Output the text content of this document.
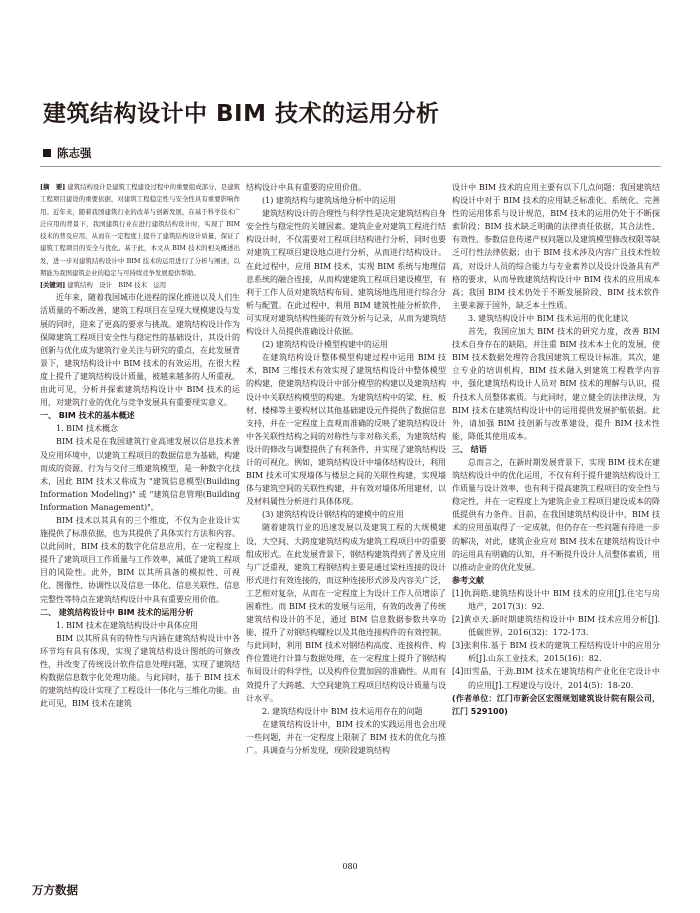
建筑结构设计中 BIM 技术的运用分析
陈志强

[摘　要] 建筑结构设计是建筑工程建设过程中的重要组成部分，是建筑工程项目建设的重要依据，对建筑工程稳定性与安全性具有重要影响作用。近年来，随着我国建筑行业的改革与创新发展，在基于科学技术广泛应用的背景下，我国建筑行业在进行建筑结构设计时，实现了 BIM 技术的普及应用，从而在一定程度上提升了建筑结构设计质量，保证了建筑工程项目的安全与优化。基于此，本文从 BIM 技术的相关概述出发，进一步对建筑结构设计中 BIM 技术的运用进行了分析与阐述，以期能为我国建筑企业的稳定与可持续竞争发展提供帮助。

[关键词] 建筑结构　设计　BIM 技术　运用

近年来，随着我国城市化进程的深化推进以及人们生活质量的不断改善，建筑工程项目在呈现大规模建设与发展的同时，迎来了更高的要求与挑战。建筑结构设计作为保障建筑工程项目安全性与稳定性的基础设计，其设计的创新与优化成为建筑行业关注与研究的重点，在此发展背景下，建筑结构设计中 BIM 技术的有效运用，在很大程度上提升了建筑结构设计质量，被越来越多的人所重视。由此可见，分析并探索建筑结构设计中 BIM 技术的运用，对建筑行业的优化与竞争发展具有重要现实意义。

一、 BIM 技术的基本概述

1. BIM 技术概念

BIM 技术是在我国建筑行业高速发展以信息技术普及应用环境中，以建筑工程项目的数据信息为基础，构建而成的资源、行为与交付三维建筑模型，是一种数字化技术，因此 BIM 技术又称成为 "建筑信息模型(Building Information Modeling)" 或 "建筑信息管理(Building Information Management)"。

BIM 技术以其具有的三个维度，不仅为企业设计实施提供了标准依据，也为其提供了具体实行方法和内容。以此同时，BIM 技术的数字化信息应用，在一定程度上提升了建筑项目工作质量与工作效率，减低了建筑工程项目的风险性。此外，BIM 以其所具备的模拟性、可视化、图像性、协调性以及信息一体化、信息关联性、信息完整性等特点在建筑结构设计中具有重要应用价值。

二、 建筑结构设计中 BIM 技术的运用分析

1. BIM 技术在建筑结构设计中具体应用

BIM 以其所具有的特性与内涵在建筑结构设计中各环节均有具有体现，实现了建筑结构设计图纸的可修改性，并改变了传统设计软件信息处理问题，实现了建筑结构数据信息数字化处理功能。与此同时，基于 BIM 技术的建筑结构设计实现了工程设计一体化与三维化功能。由此可见，BIM 技术在建筑

结构设计中具有重要的应用价值。

(1) 建筑结构与建筑场地分析中的运用

建筑结构设计的合理性与科学性是决定建筑结构自身安全性与稳定性的关键因素。建筑企业对建筑工程进行结构设计时，不仅需要对工程项目结构进行分析，同时也要对建筑工程项目建设地点进行分析，从而进行结构设计。在此过程中，应用 BIM 技术，实现 BIM 系统与地理信息系统的融合连接，从而构建建筑工程项目建设模型，有利于工作人员对建筑结构布局、建筑场地选用进行综合分析与配置。在此过程中，利用 BIM 建筑性能分析软件，可实现对建筑结构性能的有效分析与记录，从而为建筑结构设计人员提供准确设计依据。

(2) 建筑结构设计模型构建中的运用

在建筑结构设计整体模型构建过程中运用 BIM 技术，BIM 三维技术有效实现了建筑结构设计中整体模型的构建，使建筑结构设计中部分模型的构建以及建筑结构设计中关联结构模型的构建。为建筑结构中的梁、柱、板材、楼梯等主要构材以其他基础建设元件提供了数据信息支持，并在一定程度上直观而准确的反映了建筑结构设计中各关联性结构之间的对称性与非对称关系，为建筑结构设计的修改与调整提供了有利条件，并实现了建筑结构设计的可视化。例如，建筑结构设计中墙体结构设计，利用 BIM 技术可实现墙体与楼层之间的关联性构建，实现墙体与建筑空间的关联性构建，并有效对墙体所用建材，以及材料属性分析进行具体体现。

(3) 建筑结构设计钢结构的建模中的应用

随着建筑行业的迅速发展以及建筑工程的大规模建设，大空间、大跨度建筑结构成为建筑工程项目中的重要组成形式。在此发展背景下，钢结构建筑得到了普及应用与广泛重视，建筑工程钢结构主要是通过梁柱连接的设计形式进行有效连接的，而这种连接形式涉及内容关广泛，工艺相对复杂，从而在一定程度上为设计工作人员增添了困难性。而 BIM 技术的发展与运用，有效的改善了传统建筑结构设计的不足，通过 BIM 信息数据参数共享功能，提升了对钢结构螺栓以及其他连接构件的有效控制。与此同时，利用 BIM 技术对钢结构高度、连接构件、构件位置进行计算与数据处理，在一定程度上提升了钢结构布局设计的科学性，以及构件位置加固的准确性。从而有效提升了大跨越、大空间建筑工程项目结构设计质量与设计水平。

2. 建筑结构设计中 BIM 技术运用存在的问题

在建筑结构设计中，BIM 技术的实践运用也会出现一些问题，并在一定程度上限制了 BIM 技术的优化与推广。具调查与分析发现，现阶段建筑结构

设计中 BIM 技术的应用主要有以下几点问题：我国建筑结构设计中对于 BIM 技术的应用缺乏标准化、系统化、完善性的运用体系与设计规范，BIM 技术的运用仍处于不断探索阶段；BIM 技术缺乏明确的法律责任依据，其合法性、有效性、参数信息传递产权问题以及建筑模型修改权限等缺乏可行性法律依据；由于 BIM 技术涉及内容广且技术性较高，对设计人员的综合能力与专业素养以及设计设备具有严格的要求，从而导致建筑结构设计中 BIM 技术的应用成本高；我国 BIM 技术仍处于不断发展阶段，BIM 技术软件主要来源于国外，缺乏本土性质。

3. 建筑结构设计中 BIM 技术运用的优化建议

首先，我国应加大 BIM 技术的研究力度，改善 BIM 技术自身存在的缺陷，并注重 BIM 技术本土化的发展，使 BIM 技术数据处理符合我国建筑工程设计标准。其次，建立专业的培训机构，BIM 技术融入到建筑工程教学内容中，强化建筑结构设计人员对 BIM 技术的理解与认识，提升技术人员整体素质。与此同时，建立健全的法律法规，为 BIM 技术在建筑结构设计中的运用提供发展护航依据。此外，请加强 BIM 技创新与改革建设，提升 BIM 技术性能，降低其使用成本。

三、 结语

总而言之，在新时期发展背景下，实现 BIM 技术在建筑结构设计中的优化运用，不仅有利于提升建筑结构设计工作质量与设计效率，也有利于提高建筑工程项目的安全性与稳定性，并在一定程度上为建筑企业工程项目建设成本的降低提供有力条件。目前，在我国建筑结构设计中，BIM 技术的应用虽取得了一定成就，但仍存在一些问题有待进一步的解决，对此，建筑企业应对 BIM 技术在建筑结构设计中的运用具有明确的认知，并不断提升设计人员整体素质，用以推动企业的优化发展。

参考文献

[1]仇润皓.建筑结构设计中 BIM 技术的应用[J].住宅与房地产，2017(3)：92.

[2]黄卓天.新时期建筑结构设计中 BIM 技术应用分析[J].低碳世界，2016(32)：172-173.

[3]张利伟.基于 BIM 技术的建筑工程结构设计中的应用分析[J].山东工业技术，2015(16)：82.

[4]田雪晶，于劲.BIM 技术在建筑结构产业化住宅设计中的应用[J].工程建设与设计，2014(5)：18-20.

(作者单位：江门市新会区宏图规划建筑设计院有限公司，江门 529100)

080
万方数据
